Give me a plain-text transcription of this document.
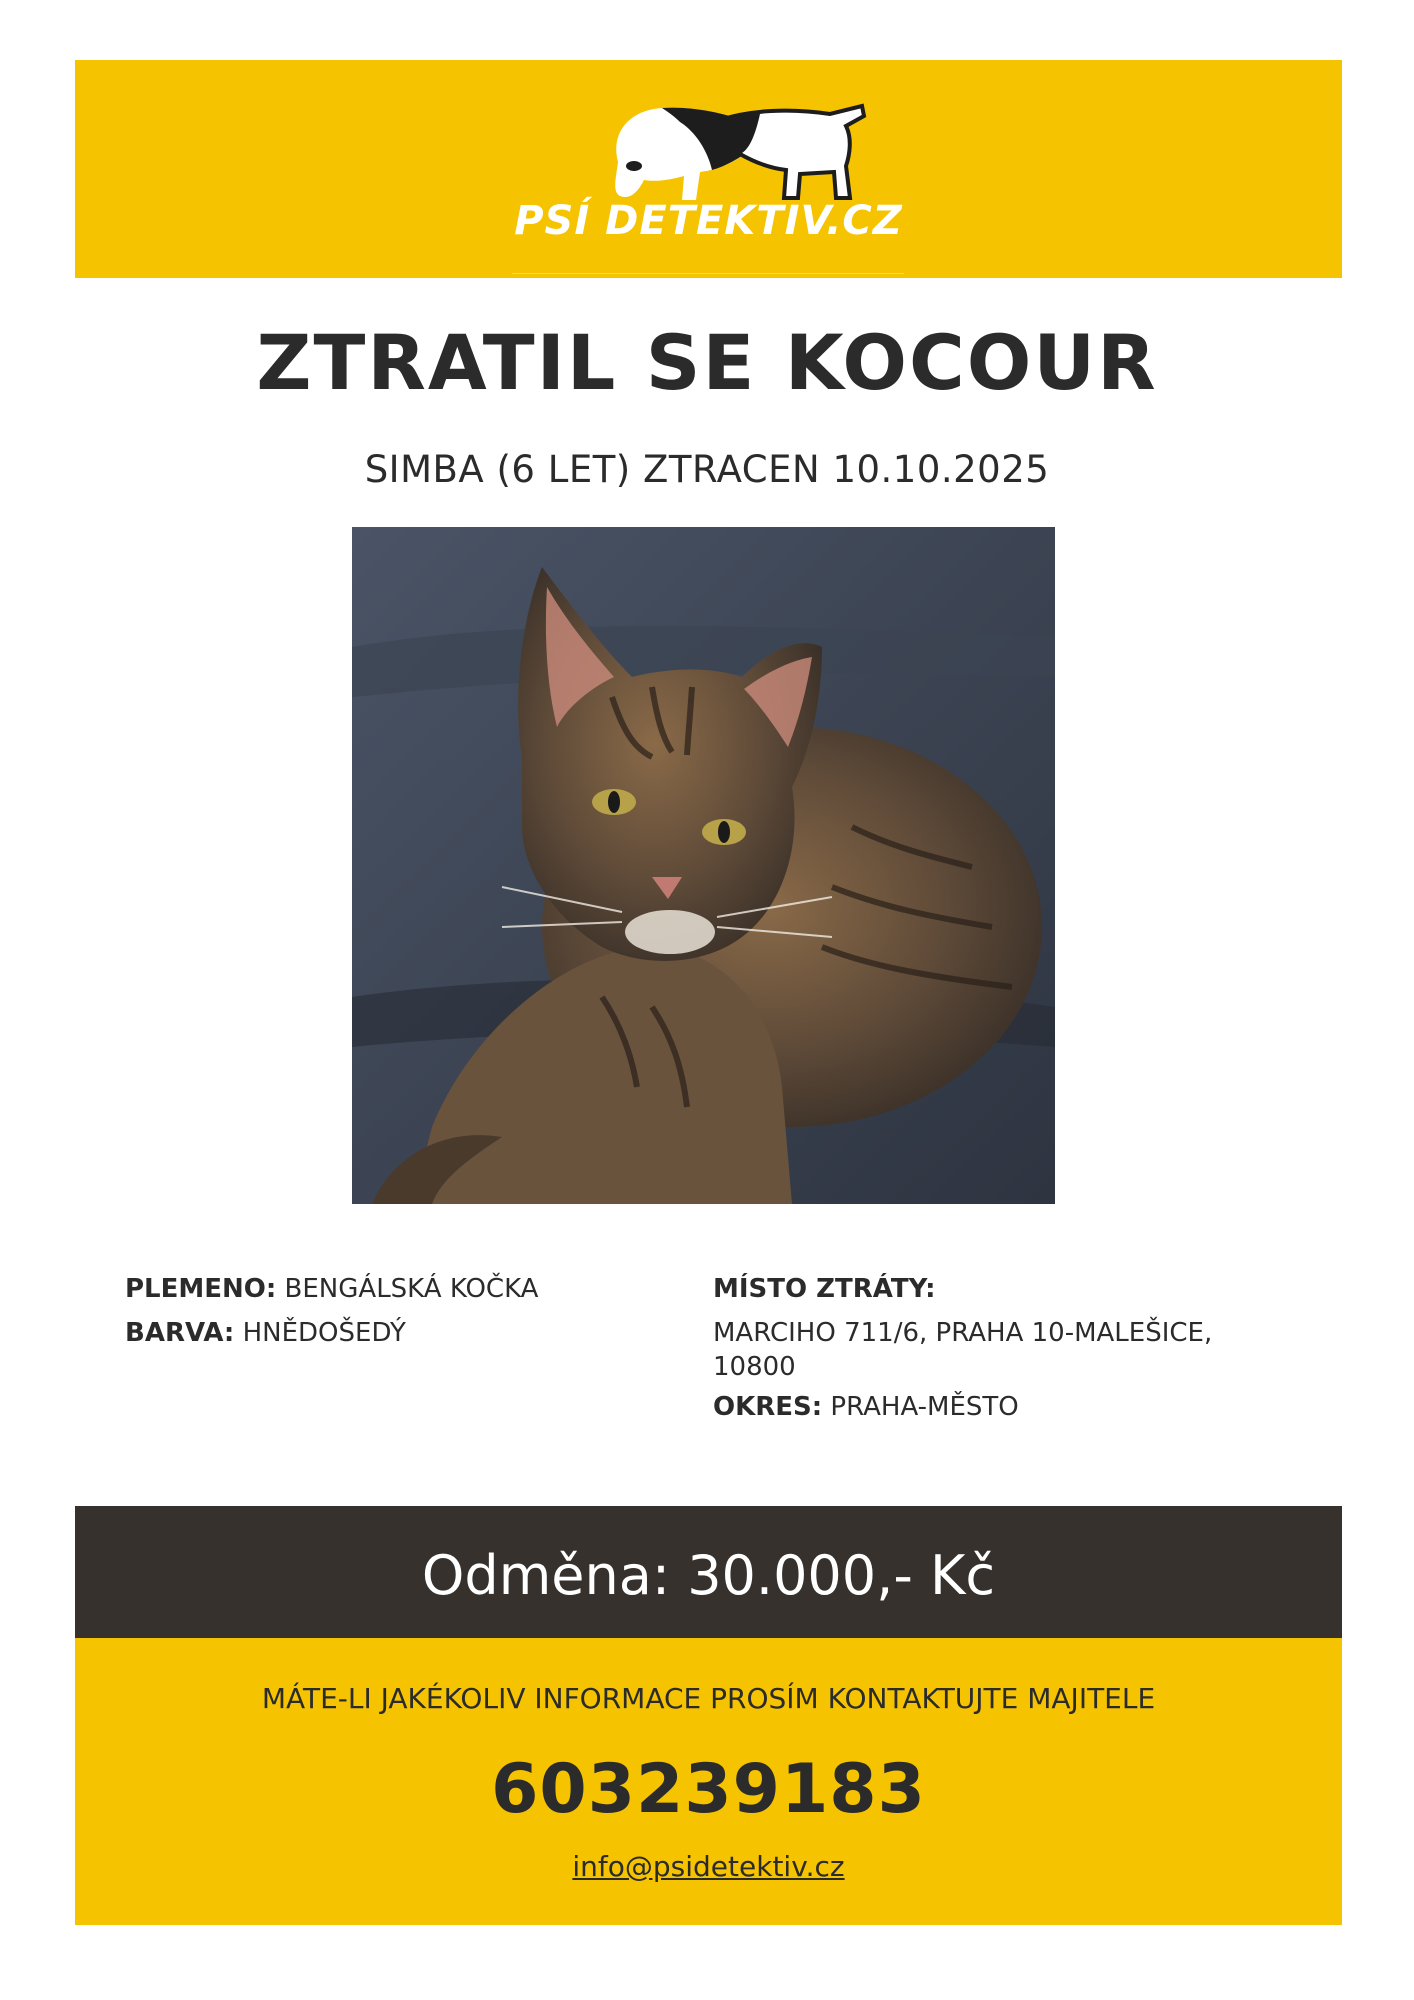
PSÍ DETEKTIV.CZ
ZTRATIL SE KOCOUR
SIMBA (6 LET) ZTRACEN 10.10.2025
PLEMENO: BENGÁLSKÁ KOČKA
BARVA: HNĚDOŠEDÝ
MÍSTO ZTRÁTY:
MARCIHO 711/6, PRAHA 10-MALEŠICE,
10800
OKRES: PRAHA-MĚSTO
Odměna: 30.000,- Kč
MÁTE-LI JAKÉKOLIV INFORMACE PROSÍM KONTAKTUJTE MAJITELE
603239183
info@psidetektiv.cz
